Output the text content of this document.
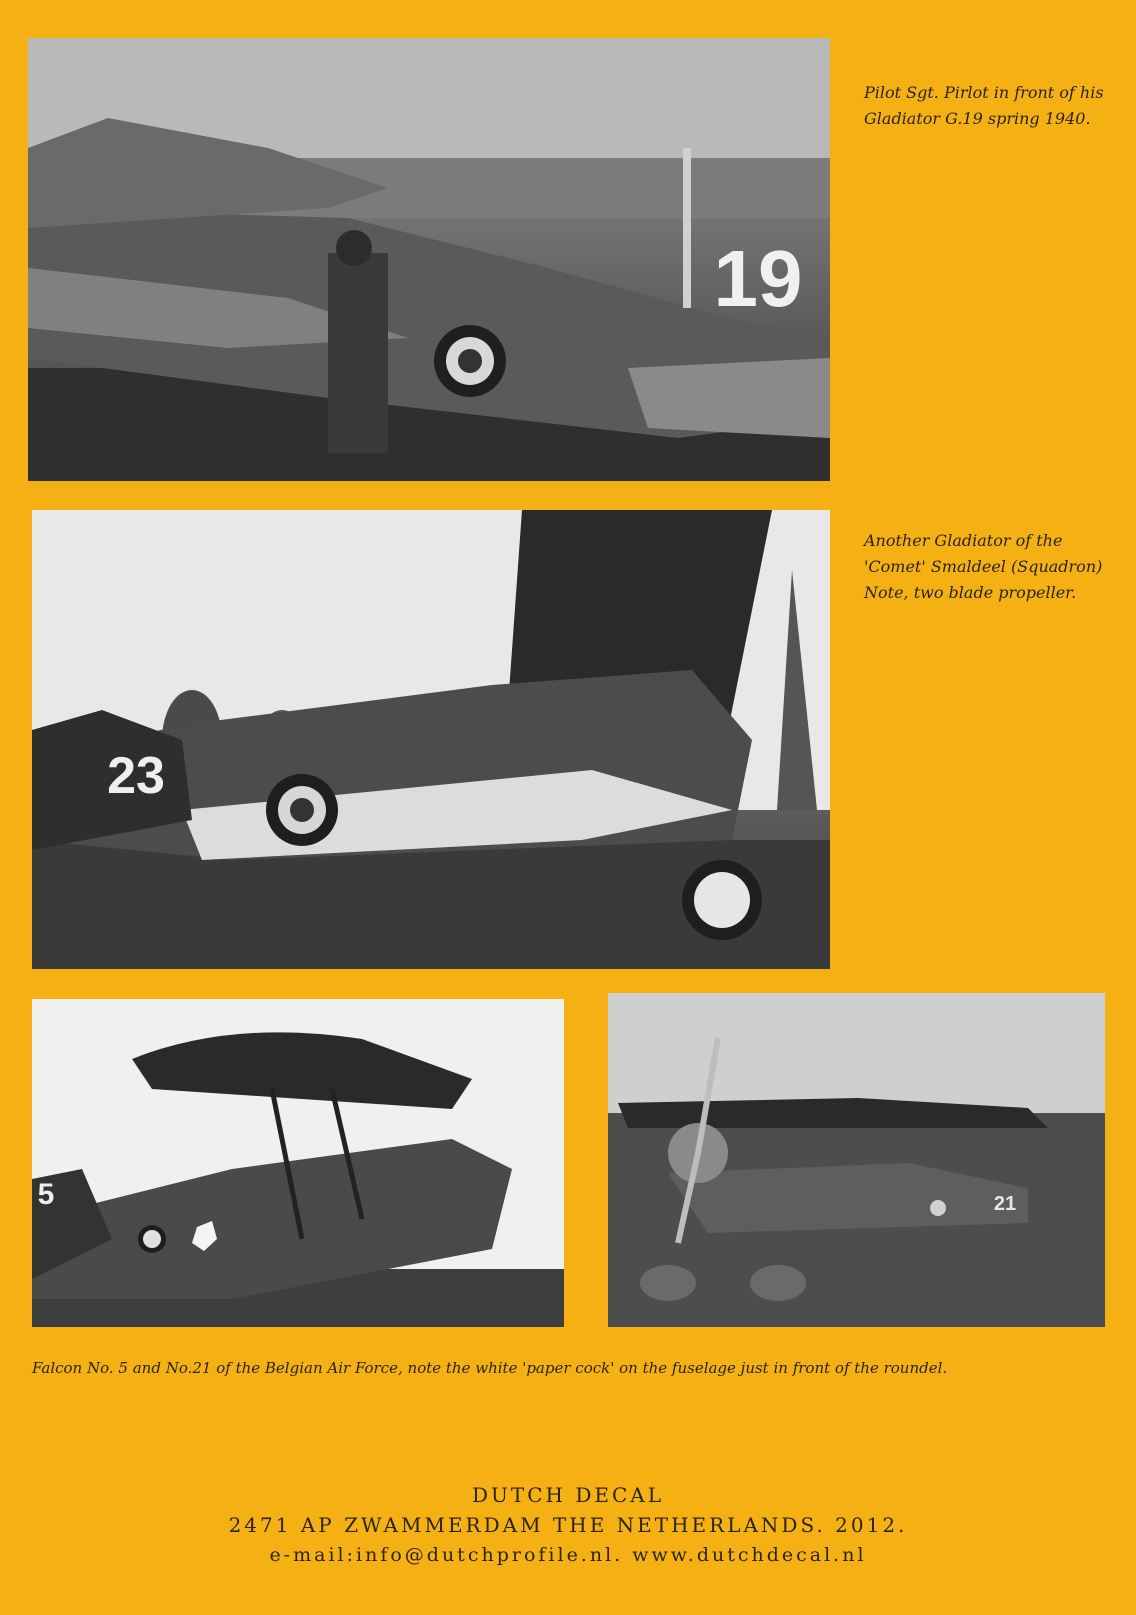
19
Pilot Sgt. Pirlot in front of his Gladiator G.19 spring 1940.
23
Another Gladiator of the 'Comet' Smaldeel (Squadron) Note, two blade propeller.
5	21
Falcon No. 5 and No.21 of the Belgian Air Force, note the white 'paper cock' on the fuselage just in front of the roundel.
DUTCH DECAL
2471 AP ZWAMMERDAM THE NETHERLANDS. 2012.
e-mail:info@dutchprofile.nl. www.dutchdecal.nl
